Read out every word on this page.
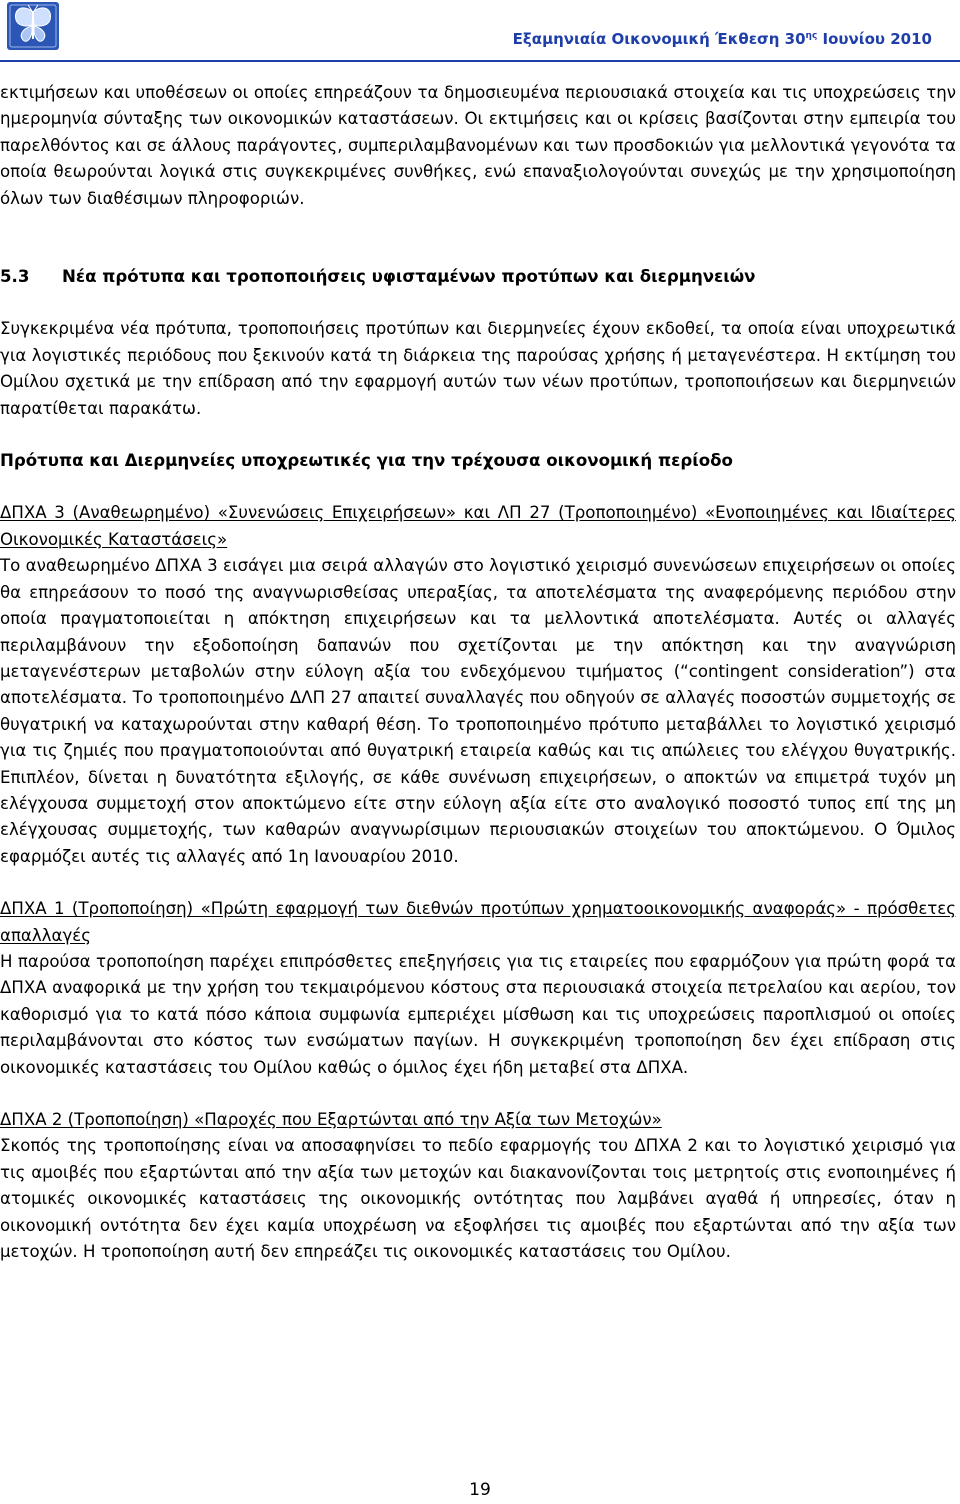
Εξαμηνιαία Οικονομική Έκθεση $30^{\eta\varsigma}$ Ιουνίου 2010

εκτιμήσεων και υποθέσεων οι οποίες επηρεάζουν τα δημοσιευμένα περιουσιακά στοιχεία και τις υποχρεώσεις την ημερομηνία σύνταξης των οικονομικών καταστάσεων. Οι εκτιμήσεις και οι κρίσεις βασίζονται στην εμπειρία του παρελθόντος και σε άλλους παράγοντες, συμπεριλαμβανομένων και των προσδοκιών για μελλοντικά γεγονότα τα οποία θεωρούνται λογικά στις συγκεκριμένες συνθήκες, ενώ επαναξιολογούνται συνεχώς με την χρησιμοποίηση όλων των διαθέσιμων πληροφοριών.

5.3	Νέα πρότυπα και τροποποιήσεις υφισταμένων προτύπων και διερμηνειών

Συγκεκριμένα νέα πρότυπα, τροποποιήσεις προτύπων και διερμηνείες έχουν εκδοθεί, τα οποία είναι υποχρεωτικά για λογιστικές περιόδους που ξεκινούν κατά τη διάρκεια της παρούσας χρήσης ή μεταγενέστερα. Η εκτίμηση του Ομίλου σχετικά με την επίδραση από την εφαρμογή αυτών των νέων προτύπων, τροποποιήσεων και διερμηνειών παρατίθεται παρακάτω.

Πρότυπα και Διερμηνείες υποχρεωτικές για την τρέχουσα οικονομική περίοδο

ΔΠΧΑ 3 (Αναθεωρημένο) «Συνενώσεις Επιχειρήσεων» και ΛΠ 27 (Τροποποιημένο) «Ενοποιημένες και Ιδιαίτερες Οικονομικές Καταστάσεις»

Το αναθεωρημένο ΔΠΧΑ 3 εισάγει μια σειρά αλλαγών στο λογιστικό χειρισμό συνενώσεων επιχειρήσεων οι οποίες θα επηρεάσουν το ποσό της αναγνωρισθείσας υπεραξίας, τα αποτελέσματα της αναφερόμενης περιόδου στην οποία πραγματοποιείται η απόκτηση επιχειρήσεων και τα μελλοντικά αποτελέσματα. Αυτές οι αλλαγές περιλαμβάνουν την εξοδοποίηση δαπανών που σχετίζονται με την απόκτηση και την αναγνώριση μεταγενέστερων μεταβολών στην εύλογη αξία του ενδεχόμενου τιμήματος (“contingent consideration”) στα αποτελέσματα. Το τροποποιημένο ΔΛΠ 27 απαιτεί συναλλαγές που οδηγούν σε αλλαγές ποσοστών συμμετοχής σε θυγατρική να καταχωρούνται στην καθαρή θέση. Το τροποποιημένο πρότυπο μεταβάλλει το λογιστικό χειρισμό για τις ζημιές που πραγματοποιούνται από θυγατρική εταιρεία καθώς και τις απώλειες του ελέγχου θυγατρικής. Επιπλέον, δίνεται η δυνατότητα εξιλογής, σε κάθε συνένωση επιχειρήσεων, ο αποκτών να επιμετρά τυχόν μη ελέγχουσα συμμετοχή στον αποκτώμενο είτε στην εύλογη αξία είτε στο αναλογικό ποσοστό τυπος επί της μη ελέγχουσας συμμετοχής, των καθαρών αναγνωρίσιμων περιουσιακών στοιχείων του αποκτώμενου. Ο Όμιλος εφαρμόζει αυτές τις αλλαγές από 1η Ιανουαρίου 2010.

ΔΠΧΑ 1 (Τροποποίηση) «Πρώτη εφαρμογή των διεθνών προτύπων χρηματοοικονομικής αναφοράς» - πρόσθετες απαλλαγές

Η παρούσα τροποποίηση παρέχει επιπρόσθετες επεξηγήσεις για τις εταιρείες που εφαρμόζουν για πρώτη φορά τα ΔΠΧΑ αναφορικά με την χρήση του τεκμαιρόμενου κόστους στα περιουσιακά στοιχεία πετρελαίου και αερίου, τον καθορισμό για το κατά πόσο κάποια συμφωνία εμπεριέχει μίσθωση και τις υποχρεώσεις παροπλισμού οι οποίες περιλαμβάνονται στο κόστος των ενσώματων παγίων. Η συγκεκριμένη τροποποίηση δεν έχει επίδραση στις οικονομικές καταστάσεις του Ομίλου καθώς ο όμιλος έχει ήδη μεταβεί στα ΔΠΧΑ.

ΔΠΧΑ 2 (Τροποποίηση) «Παροχές που Εξαρτώνται από την Αξία των Μετοχών»

Σκοπός της τροποποίησης είναι να αποσαφηνίσει το πεδίο εφαρμογής του ΔΠΧΑ 2 και το λογιστικό χειρισμό για τις αμοιβές που εξαρτώνται από την αξία των μετοχών και διακανονίζονται τοις μετρητοίς στις ενοποιημένες ή ατομικές οικονομικές καταστάσεις της οικονομικής οντότητας που λαμβάνει αγαθά ή υπηρεσίες, όταν η οικονομική οντότητα δεν έχει καμία υποχρέωση να εξοφλήσει τις αμοιβές που εξαρτώνται από την αξία των μετοχών. Η τροποποίηση αυτή δεν επηρεάζει τις οικονομικές καταστάσεις του Ομίλου.

19
